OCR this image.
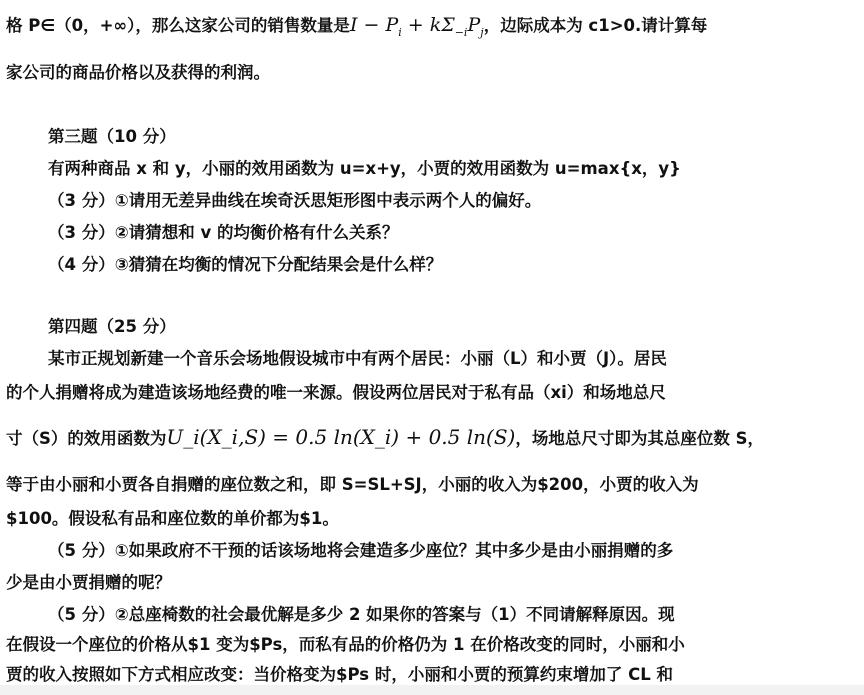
格 P∈（0，+∞），那么这家公司的销售数量是$I - P_i + k\Sigma_{-i}P_j$，边际成本为 c1>0.请计算每
家公司的商品价格以及获得的利润。
第三题（10 分）
有两种商品 x 和 y，小丽的效用函数为 u=x+y，小贾的效用函数为 u=max{x，y}
（3 分）①请用无差异曲线在埃奇沃思矩形图中表示两个人的偏好。
（3 分）②请猜想和 v 的均衡价格有什么关系？
（4 分）③猜猜在均衡的情况下分配结果会是什么样？
第四题（25 分）
某市正规划新建一个音乐会场地假设城市中有两个居民：小丽（L）和小贾（J）。居民
的个人捐赠将成为建造该场地经费的唯一来源。假设两位居民对于私有品（xi）和场地总尺
寸（S）的效用函数为U_i(X_i,S) = 0.5 ln(X_i) + 0.5 ln(S)，场地总尺寸即为其总座位数 S，
等于由小丽和小贾各自捐赠的座位数之和，即 S=SL+SJ，小丽的收入为$200，小贾的收入为
$100。假设私有品和座位数的单价都为$1。
（5 分）①如果政府不干预的话该场地将会建造多少座位？其中多少是由小丽捐赠的多
少是由小贾捐赠的呢？
（5 分）②总座椅数的社会最优解是多少 2 如果你的答案与（1）不同请解释原因。现
在假设一个座位的价格从$1 变为$Ps，而私有品的价格仍为 1 在价格改变的同时，小丽和小
贾的收入按照如下方式相应改变：当价格变为$Ps 时，小丽和小贾的预算约束增加了 CL 和
